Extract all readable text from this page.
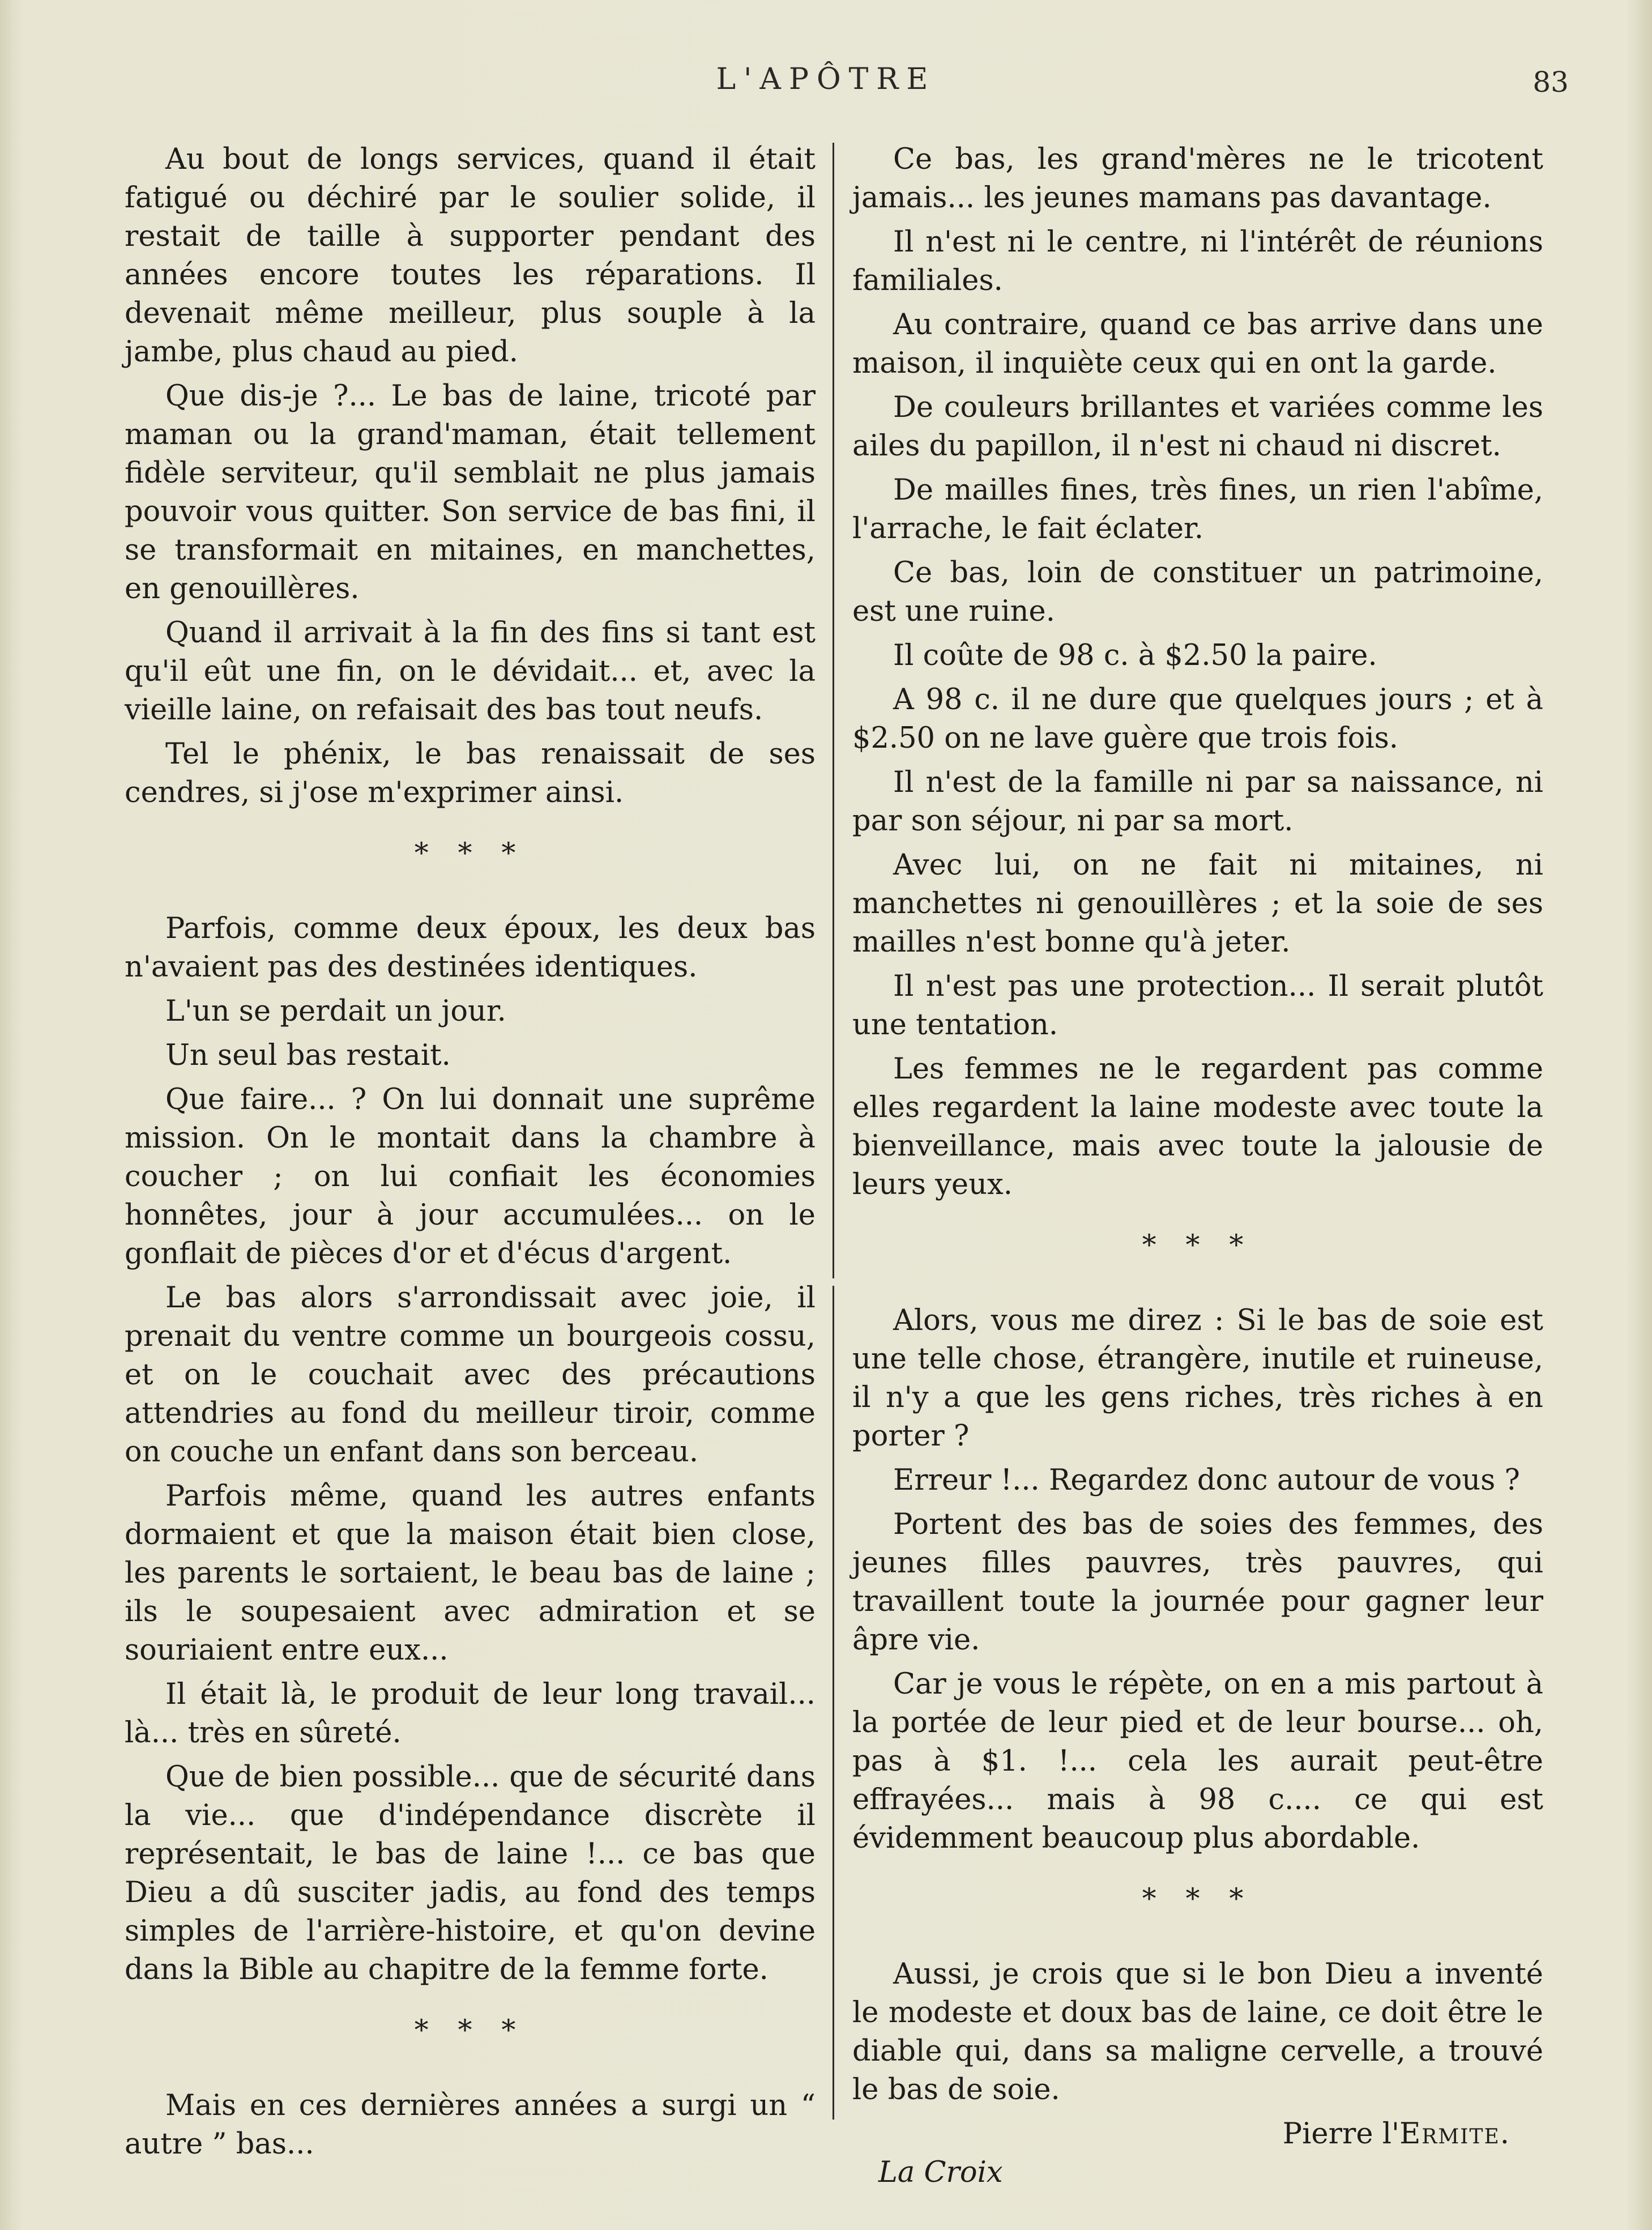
L'APÔTRE	83

Au bout de longs services, quand il était fatigué ou déchiré par le soulier solide, il restait de taille à supporter pendant des années encore toutes les réparations. Il devenait même meilleur, plus souple à la jambe, plus chaud au pied.

Que dis-je ?... Le bas de laine, tricoté par maman ou la grand'maman, était tellement fidèle serviteur, qu'il semblait ne plus jamais pouvoir vous quitter. Son service de bas fini, il se transformait en mitaines, en manchettes, en genouillères.

Quand il arrivait à la fin des fins si tant est qu'il eût une fin, on le dévidait... et, avec la vieille laine, on refaisait des bas tout neufs.

Tel le phénix, le bas renaissait de ses cendres, si j'ose m'exprimer ainsi.

* * *

Parfois, comme deux époux, les deux bas n'avaient pas des destinées identiques.

L'un se perdait un jour.

Un seul bas restait.

Que faire... ? On lui donnait une suprême mission. On le montait dans la chambre à coucher ; on lui confiait les économies honnêtes, jour à jour accumulées... on le gonflait de pièces d'or et d'écus d'argent.

Le bas alors s'arrondissait avec joie, il prenait du ventre comme un bourgeois cossu, et on le couchait avec des précautions attendries au fond du meilleur tiroir, comme on couche un enfant dans son berceau.

Parfois même, quand les autres enfants dormaient et que la maison était bien close, les parents le sortaient, le beau bas de laine ; ils le soupesaient avec admiration et se souriaient entre eux...

Il était là, le produit de leur long travail... là... très en sûreté.

Que de bien possible... que de sécurité dans la vie... que d'indépendance discrète il représentait, le bas de laine !... ce bas que Dieu a dû susciter jadis, au fond des temps simples de l'arrière-histoire, et qu'on devine dans la Bible au chapitre de la femme forte.

* * *

Mais en ces dernières années a surgi un “ autre ” bas...

Ce bas, les grand'mères ne le tricotent jamais... les jeunes mamans pas davantage.

Il n'est ni le centre, ni l'intérêt de réunions familiales.

Au contraire, quand ce bas arrive dans une maison, il inquiète ceux qui en ont la garde.

De couleurs brillantes et variées comme les ailes du papillon, il n'est ni chaud ni discret.

De mailles fines, très fines, un rien l'abîme, l'arrache, le fait éclater.

Ce bas, loin de constituer un patrimoine, est une ruine.

Il coûte de 98 c. à $2.50 la paire.

A 98 c. il ne dure que quelques jours ; et à $2.50 on ne lave guère que trois fois.

Il n'est de la famille ni par sa naissance, ni par son séjour, ni par sa mort.

Avec lui, on ne fait ni mitaines, ni manchettes ni genouillères ; et la soie de ses mailles n'est bonne qu'à jeter.

Il n'est pas une protection... Il serait plutôt une tentation.

Les femmes ne le regardent pas comme elles regardent la laine modeste avec toute la bienveillance, mais avec toute la jalousie de leurs yeux.

* * *

Alors, vous me direz : Si le bas de soie est une telle chose, étrangère, inutile et ruineuse, il n'y a que les gens riches, très riches à en porter ?

Erreur !... Regardez donc autour de vous ?

Portent des bas de soies des femmes, des jeunes filles pauvres, très pauvres, qui travaillent toute la journée pour gagner leur âpre vie.

Car je vous le répète, on en a mis partout à la portée de leur pied et de leur bourse... oh, pas à $1. !... cela les aurait peut-être effrayées... mais à 98 c.... ce qui est évidemment beaucoup plus abordable.

* * *

Aussi, je crois que si le bon Dieu a inventé le modeste et doux bas de laine, ce doit être le diable qui, dans sa maligne cervelle, a trouvé le bas de soie.

Pierre l'Ermite.

La Croix
